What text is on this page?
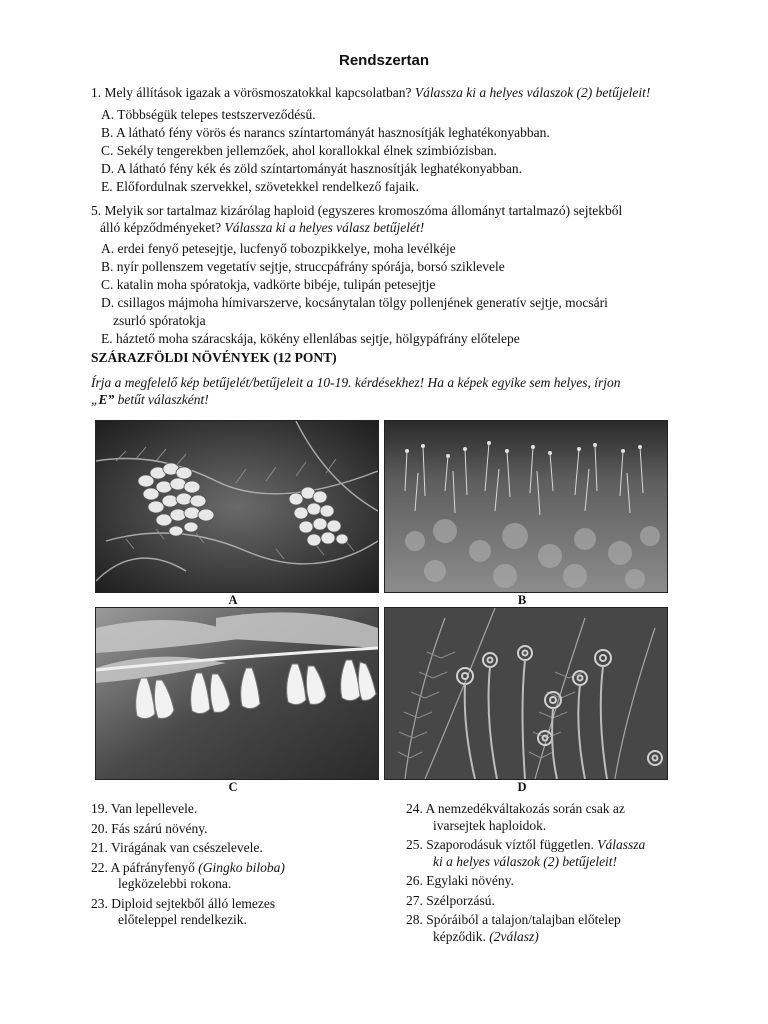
Rendszertan
1. Mely állítások igazak a vörösmoszatokkal kapcsolatban? Válassza ki a helyes válaszok (2) betűjeleit!
A. Többségük telepes testszerveződésű.
B. A látható fény vörös és narancs színtartományát hasznosítják leghatékonyabban.
C. Sekély tengerekben jellemzőek, ahol korallokkal élnek szimbiózisban.
D. A látható fény kék és zöld színtartományát hasznosítják leghatékonyabban.
E. Előfordulnak szervekkel, szövetekkel rendelkező fajaik.
5. Melyik sor tartalmaz kizárólag haploid (egyszeres kromoszóma állományt tartalmazó) sejtekből
álló képződményeket? Válassza ki a helyes válasz betűjelét!
A. erdei fenyő petesejtje, lucfenyő tobozpikkelye, moha levélkéje
B. nyír pollenszem vegetatív sejtje, struccpáfrány spórája, borsó sziklevele
C. katalin moha spóratokja, vadkörte bibéje, tulipán petesejtje
D. csillagos májmoha hímivarszerve, kocsánytalan tölgy pollenjének generatív sejtje, mocsári
zsurló spóratokja
E. háztető moha száracskája, kökény ellenlábas sejtje, hölgypáfrány előtelepe
SZÁRAZFÖLDI NÖVÉNYEK (12 PONT)
Írja a megfelelő kép betűjelét/betűjeleit a 10-19. kérdésekhez! Ha a képek egyike sem helyes, írjon
„E” betűt válaszként!
A	B
C	D
19. Van lepellevele.
20. Fás szárú növény.
21. Virágának van csészelevele.
22. A páfrányfenyő (Gingko biloba)
legközelebbi rokona.
23. Diploid sejtekből álló lemezes
előteleppel rendelkezik.
24. A nemzedékváltakozás során csak az
ivarsejtek haploidok.
25. Szaporodásuk víztől független. Válassza
ki a helyes válaszok (2) betűjeleit!
26. Egylaki növény.
27. Szélporzású.
28. Spóráiból a talajon/talajban előtelep
képződik. (2válasz)
